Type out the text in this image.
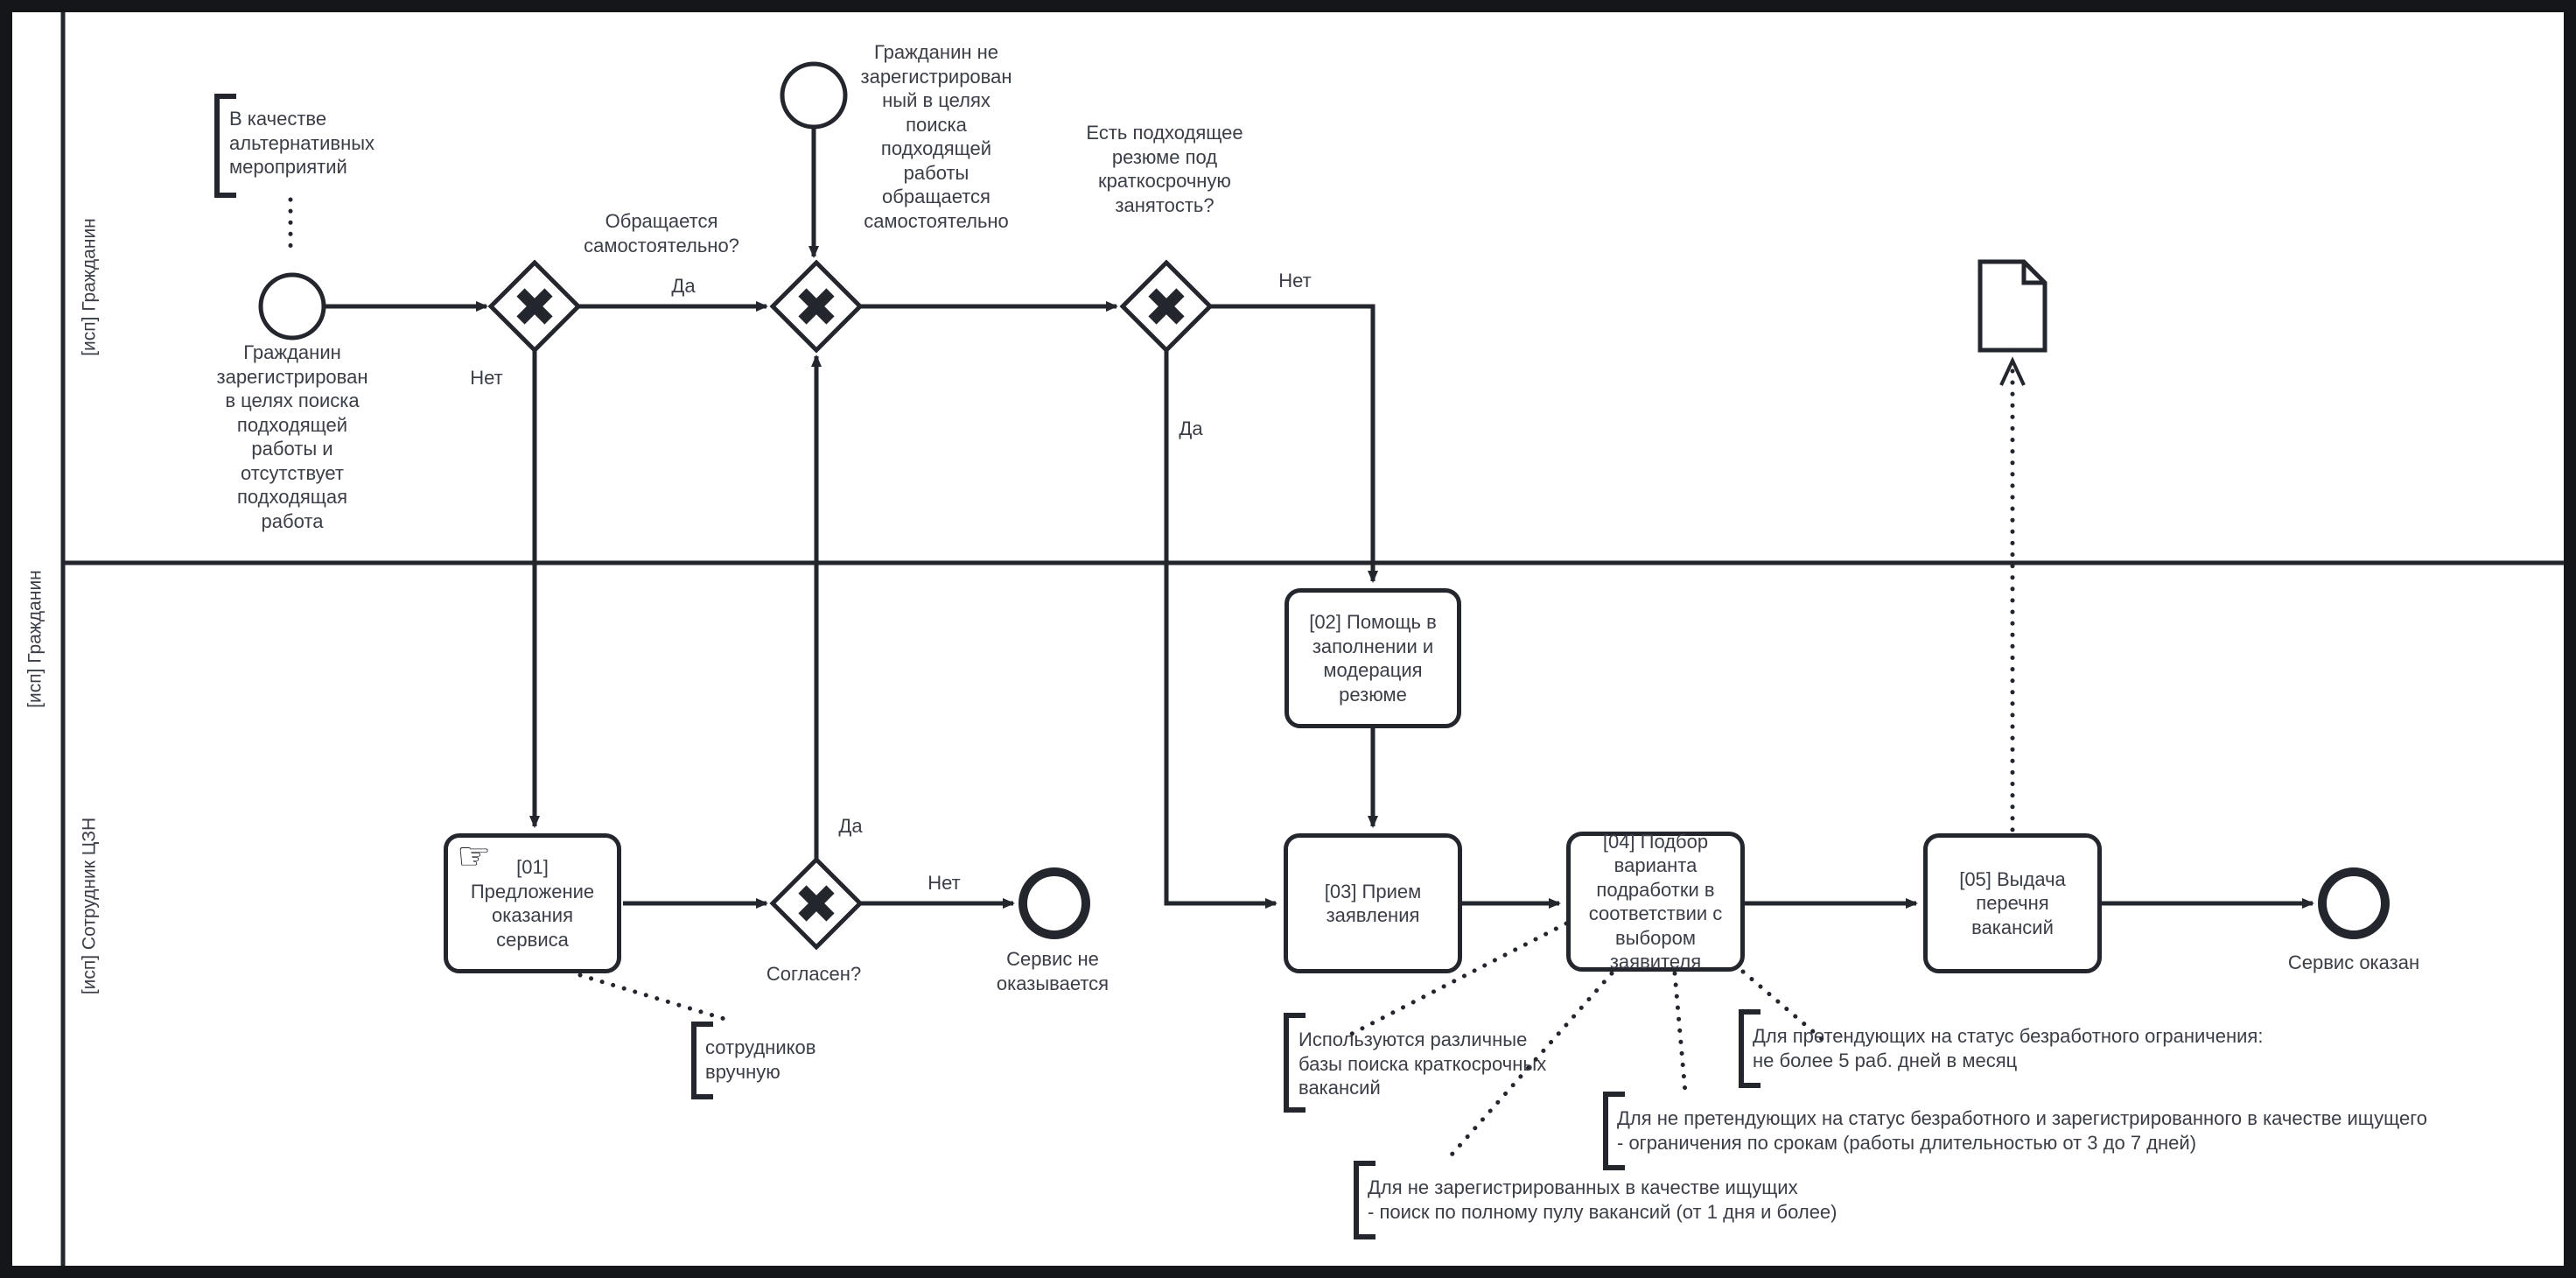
[исп] Гражданин
[исп] Гражданин
[исп] Сотрудник ЦЗН	☞	[01]
Предложение
оказания
сервиса
[02] Помощь в
заполнении и
модерация
резюме
[03] Прием
заявления
[04] Подбор
варианта
подработки в
соответствии с
выбором
заявителя
[05] Выдача
перечня
вакансий
Гражданин
зарегистрирован
в целях поиска
подходящей
работы и
отсутствует
подходящая
работа
Гражданин не
зарегистрирован
ный в целях
поиска
подходящей
работы
обращается
самостоятельно
Сервис не
оказывается
Сервис оказан
Обращается
самостоятельно?
Да
Нет
Есть подходящее
резюме под
краткосрочную
занятость?
Нет
Да
Согласен?
Да
Нет
В качестве
альтернативных
мероприятий
сотрудников
вручную
Используются различные
базы поиска краткосрочных
вакансий
Для претендующих на статус безработного ограничения:
не более 5 раб. дней в месяц
Для не претендующих на статус безработного и зарегистрированного в качестве ищущего
- ограничения по срокам (работы длительностью от 3 до 7 дней)
Для не зарегистрированных в качестве ищущих
- поиск по полному пулу вакансий (от 1 дня и более)
